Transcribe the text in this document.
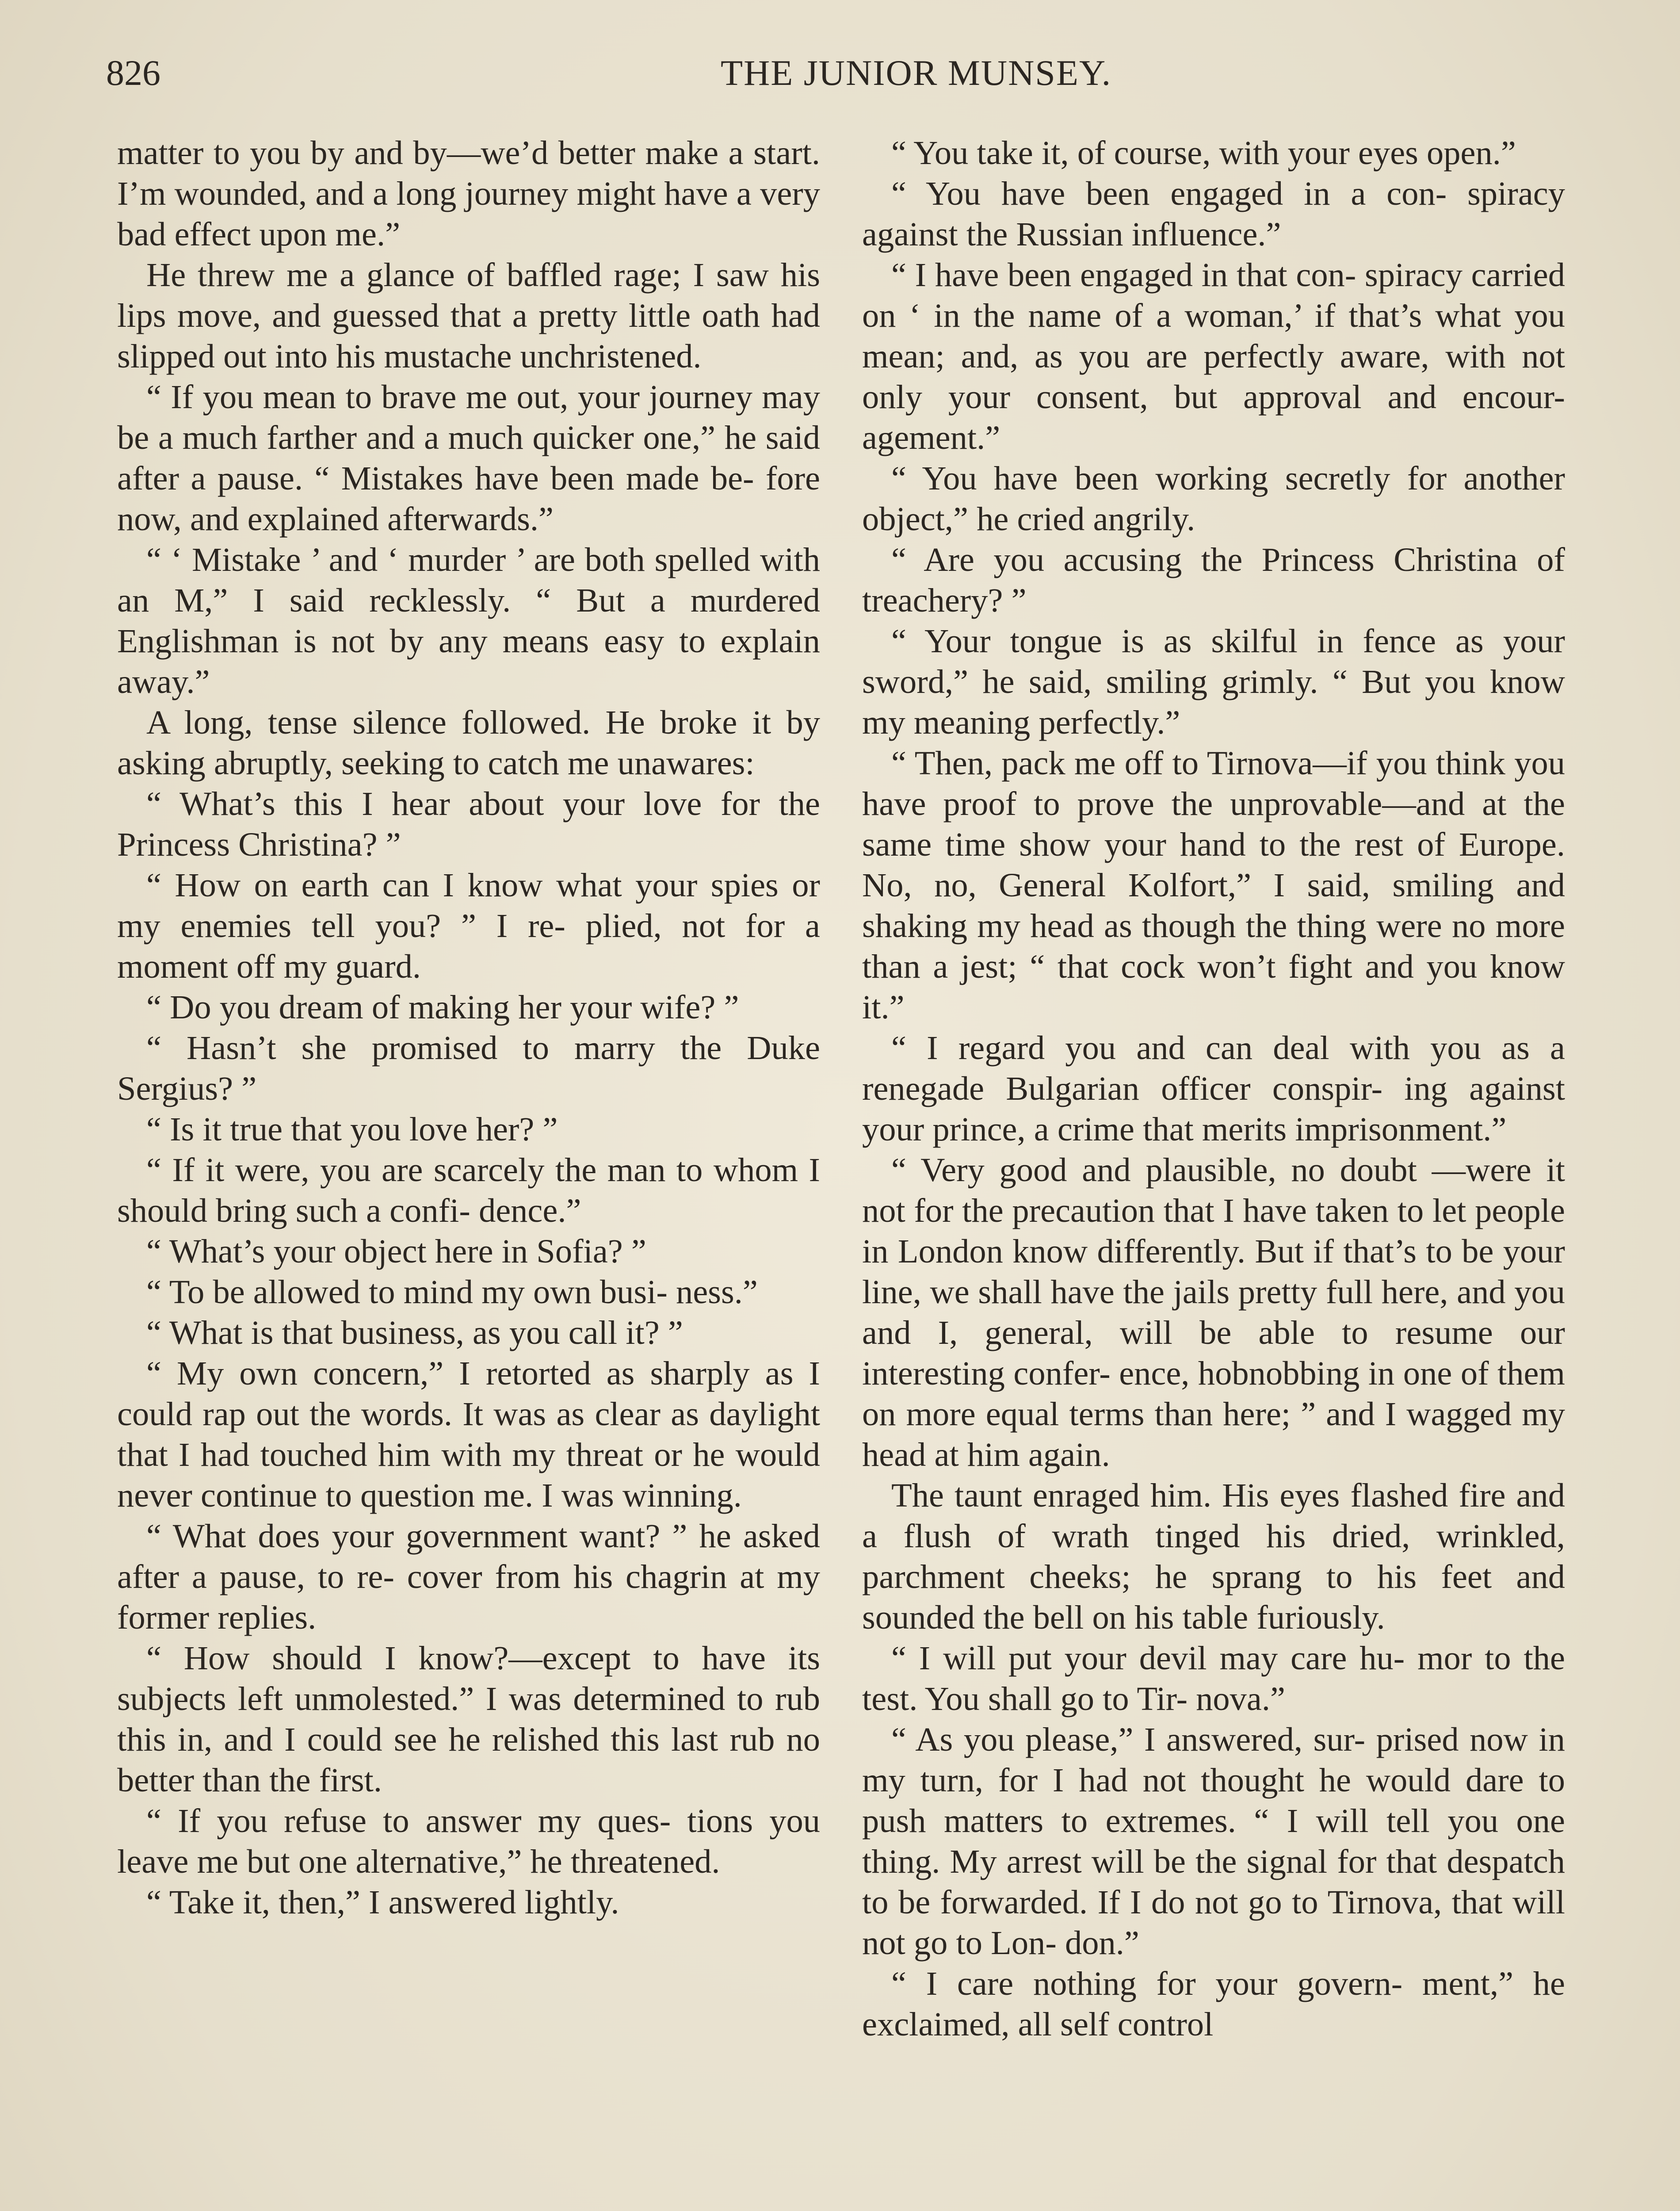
826	THE JUNIOR MUNSEY.

matter to you by and by—we’d better make a start. I’m wounded, and a long journey might have a very bad effect upon me.”

He threw me a glance of baffled rage; I saw his lips move, and guessed that a pretty little oath had slipped out into his mustache unchristened.

“ If you mean to brave me out, your journey may be a much farther and a much quicker one,” he said after a pause. “ Mistakes have been made be- fore now, and explained afterwards.”

“ ‘ Mistake ’ and ‘ murder ’ are both spelled with an M,” I said recklessly. “ But a murdered Englishman is not by any means easy to explain away.”

A long, tense silence followed. He broke it by asking abruptly, seeking to catch me unawares:

“ What’s this I hear about your love for the Princess Christina? ”

“ How on earth can I know what your spies or my enemies tell you? ” I re- plied, not for a moment off my guard.

“ Do you dream of making her your wife? ”

“ Hasn’t she promised to marry the Duke Sergius? ”

“ Is it true that you love her? ”

“ If it were, you are scarcely the man to whom I should bring such a confi- dence.”

“ What’s your object here in Sofia? ”

“ To be allowed to mind my own busi- ness.”

“ What is that business, as you call it? ”

“ My own concern,” I retorted as sharply as I could rap out the words. It was as clear as daylight that I had touched him with my threat or he would never continue to question me. I was winning.

“ What does your government want? ” he asked after a pause, to re- cover from his chagrin at my former replies.

“ How should I know?—except to have its subjects left unmolested.” I was determined to rub this in, and I could see he relished this last rub no better than the first.

“ If you refuse to answer my ques- tions you leave me but one alternative,” he threatened.

“ Take it, then,” I answered lightly.

“ You take it, of course, with your eyes open.”

“ You have been engaged in a con- spiracy against the Russian influence.”

“ I have been engaged in that con- spiracy carried on ‘ in the name of a woman,’ if that’s what you mean; and, as you are perfectly aware, with not only your consent, but approval and encour- agement.”

“ You have been working secretly for another object,” he cried angrily.

“ Are you accusing the Princess Christina of treachery? ”

“ Your tongue is as skilful in fence as your sword,” he said, smiling grimly. “ But you know my meaning perfectly.”

“ Then, pack me off to Tirnova—if you think you have proof to prove the unprovable—and at the same time show your hand to the rest of Europe. No, no, General Kolfort,” I said, smiling and shaking my head as though the thing were no more than a jest; “ that cock won’t fight and you know it.”

“ I regard you and can deal with you as a renegade Bulgarian officer conspir- ing against your prince, a crime that merits imprisonment.”

“ Very good and plausible, no doubt —were it not for the precaution that I have taken to let people in London know differently. But if that’s to be your line, we shall have the jails pretty full here, and you and I, general, will be able to resume our interesting confer- ence, hobnobbing in one of them on more equal terms than here; ” and I wagged my head at him again.

The taunt enraged him. His eyes flashed fire and a flush of wrath tinged his dried, wrinkled, parchment cheeks; he sprang to his feet and sounded the bell on his table furiously.

“ I will put your devil may care hu- mor to the test. You shall go to Tir- nova.”

“ As you please,” I answered, sur- prised now in my turn, for I had not thought he would dare to push matters to extremes. “ I will tell you one thing. My arrest will be the signal for that despatch to be forwarded. If I do not go to Tirnova, that will not go to Lon- don.”

“ I care nothing for your govern- ment,” he exclaimed, all self control
